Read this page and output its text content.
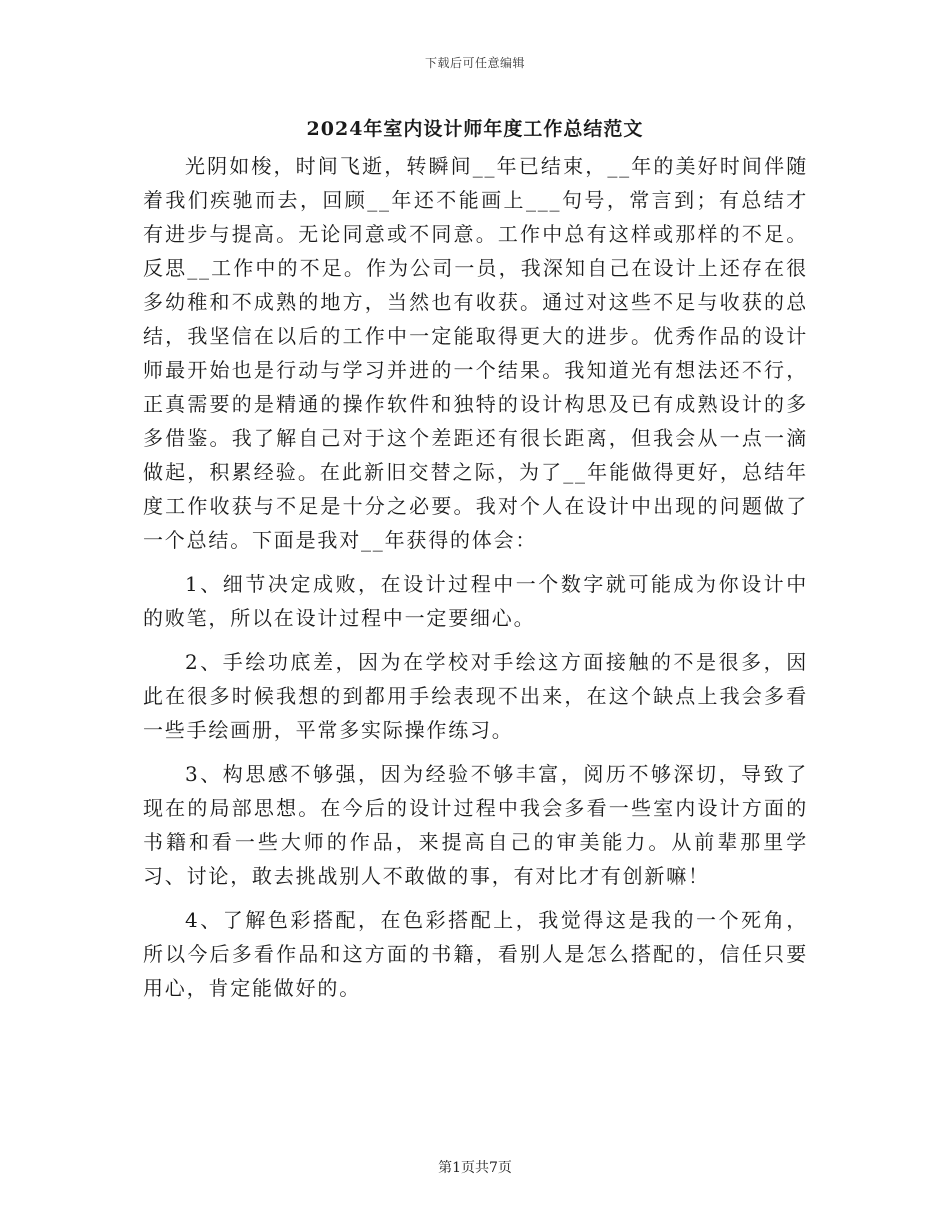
下载后可任意编辑
2024年室内设计师年度工作总结范文

光阴如梭，时间飞逝，转瞬间__年已结束，__年的美好时间伴随着我们疾驰而去，回顾__年还不能画上___句号，常言到；有总结才有进步与提高。无论同意或不同意。工作中总有这样或那样的不足。反思__工作中的不足。作为公司一员，我深知自己在设计上还存在很多幼稚和不成熟的地方，当然也有收获。通过对这些不足与收获的总结，我坚信在以后的工作中一定能取得更大的进步。优秀作品的设计师最开始也是行动与学习并进的一个结果。我知道光有想法还不行，正真需要的是精通的操作软件和独特的设计构思及已有成熟设计的多多借鉴。我了解自己对于这个差距还有很长距离，但我会从一点一滴做起，积累经验。在此新旧交替之际，为了__年能做得更好，总结年度工作收获与不足是十分之必要。我对个人在设计中出现的问题做了一个总结。下面是我对__年获得的体会：

1、细节决定成败，在设计过程中一个数字就可能成为你设计中的败笔，所以在设计过程中一定要细心。

2、手绘功底差，因为在学校对手绘这方面接触的不是很多，因此在很多时候我想的到都用手绘表现不出来，在这个缺点上我会多看一些手绘画册，平常多实际操作练习。

3、构思感不够强，因为经验不够丰富，阅历不够深切，导致了现在的局部思想。在今后的设计过程中我会多看一些室内设计方面的书籍和看一些大师的作品，来提高自己的审美能力。从前辈那里学习、讨论，敢去挑战别人不敢做的事，有对比才有创新嘛！

4、了解色彩搭配，在色彩搭配上，我觉得这是我的一个死角，所以今后多看作品和这方面的书籍，看别人是怎么搭配的，信任只要用心，肯定能做好的。

第1页共7页
